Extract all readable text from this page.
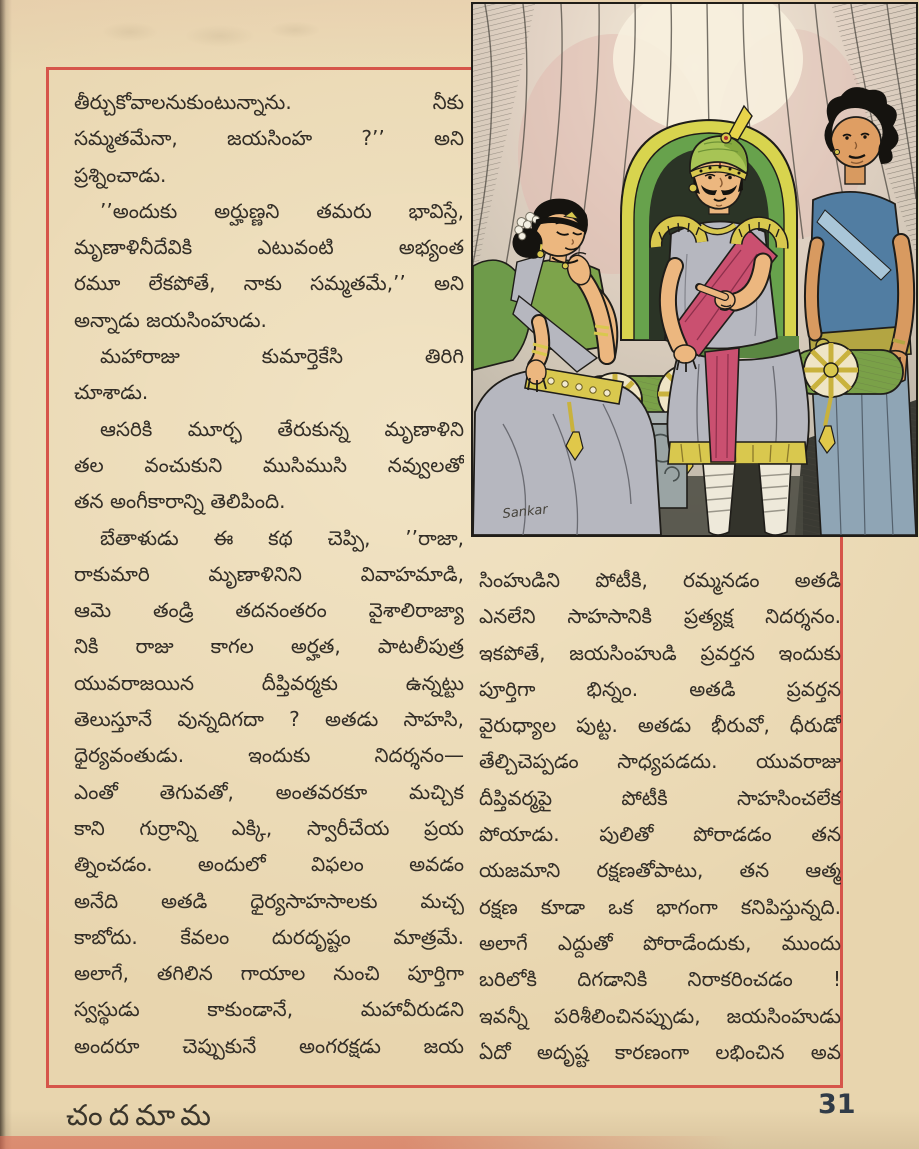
Sankar
తీర్చుకోవాలనుకుంటున్నాను. నీకు
సమ్మతమేనా, జయసింహ ?’’ అని
ప్రశ్నించాడు.
’’అందుకు అర్హుణ్ణని తమరు భావిస్తే,
మృణాళినీదేవికి ఎటువంటి అభ్యంత
రమూ లేకపోతే, నాకు సమ్మతమే,’’ అని
అన్నాడు జయసింహుడు.
మహారాజు కుమార్తెకేసి తిరిగి
చూశాడు.
ఆసరికి మూర్ఛ తేరుకున్న మృణాళిని
తల వంచుకుని ముసిముసి నవ్వులతో
తన అంగీకారాన్ని తెలిపింది.
బేతాళుడు ఈ కథ చెప్పి, ’’రాజా,
రాకుమారి మృణాళినిని వివాహమాడి,
ఆమె తండ్రి తదనంతరం వైశాలిరాజ్యా
నికి రాజు కాగల అర్హత, పాటలీపుత్ర
యువరాజయిన దీప్తివర్మకు ఉన్నట్టు
తెలుస్తూనే వున్నదిగదా ? అతడు సాహసి,
ధైర్యవంతుడు. ఇందుకు నిదర్శనం—
ఎంతో తెగువతో, అంతవరకూ మచ్చిక
కాని గుర్రాన్ని ఎక్కి, స్వారీచేయ ప్రయ
త్నించడం. అందులో విఫలం అవడం
అనేది అతడి ధైర్యసాహసాలకు మచ్చ
కాబోదు. కేవలం దురదృష్టం మాత్రమే.
అలాగే, తగిలిన గాయాల నుంచి పూర్తిగా
స్వస్థుడు కాకుండానే, మహావీరుడని
అందరూ చెప్పుకునే అంగరక్షడు జయ
సింహుడిని పోటీకి, రమ్మనడం అతడి
ఎనలేని సాహసానికి ప్రత్యక్ష నిదర్శనం.
ఇకపోతే, జయసింహుడి ప్రవర్తన ఇందుకు
పూర్తిగా భిన్నం. అతడి ప్రవర్తన
వైరుధ్యాల పుట్ట. అతడు భీరువో, ధీరుడో
తేల్చిచెప్పడం సాధ్యపడదు. యువరాజు
దీప్తివర్మపై పోటీకి సాహసించలేక
పోయాడు. పులితో పోరాడడం తన
యజమాని రక్షణతోపాటు, తన ఆత్మ
రక్షణ కూడా ఒక భాగంగా కనిపిస్తున్నది.
అలాగే ఎద్దుతో పోరాడేందుకు, ముందు
బరిలోకి దిగడానికి నిరాకరించడం !
ఇవన్నీ పరిశీలించినప్పుడు, జయసింహుడు
ఏదో అదృష్ట కారణంగా లభించిన అవ
చందమామ	31
